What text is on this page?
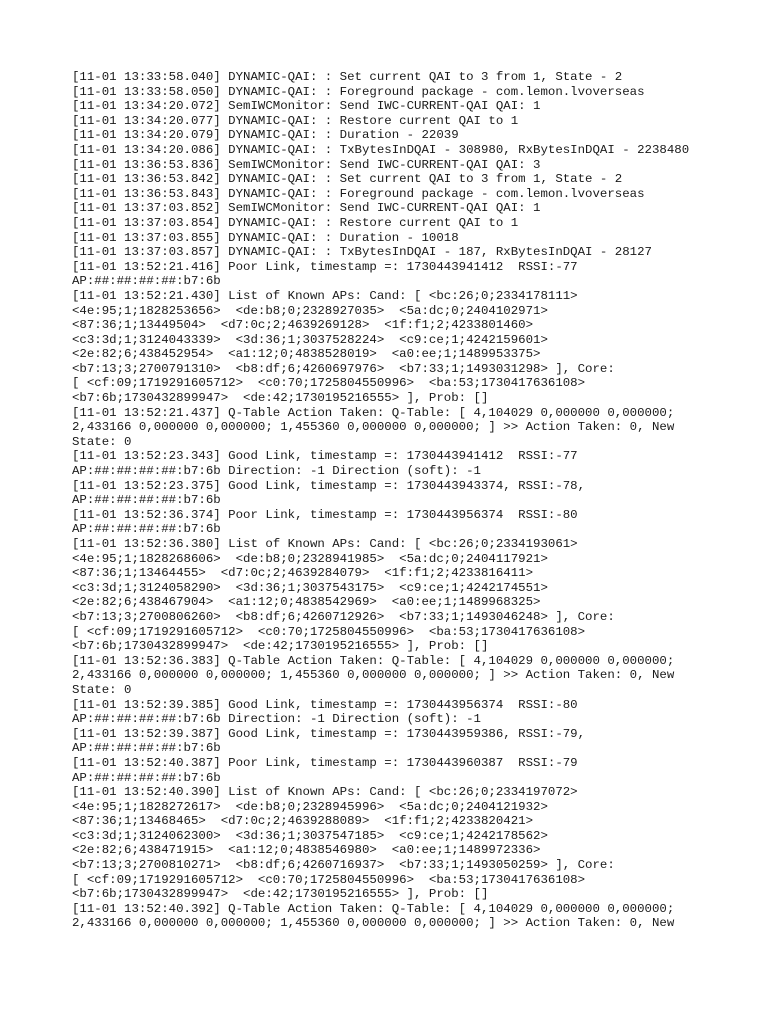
[11-01 13:33:58.040] DYNAMIC-QAI: : Set current QAI to 3 from 1, State - 2
[11-01 13:33:58.050] DYNAMIC-QAI: : Foreground package - com.lemon.lvoverseas
[11-01 13:34:20.072] SemIWCMonitor: Send IWC-CURRENT-QAI QAI: 1
[11-01 13:34:20.077] DYNAMIC-QAI: : Restore current QAI to 1
[11-01 13:34:20.079] DYNAMIC-QAI: : Duration - 22039
[11-01 13:34:20.086] DYNAMIC-QAI: : TxBytesInDQAI - 308980, RxBytesInDQAI - 2238480
[11-01 13:36:53.836] SemIWCMonitor: Send IWC-CURRENT-QAI QAI: 3
[11-01 13:36:53.842] DYNAMIC-QAI: : Set current QAI to 3 from 1, State - 2
[11-01 13:36:53.843] DYNAMIC-QAI: : Foreground package - com.lemon.lvoverseas
[11-01 13:37:03.852] SemIWCMonitor: Send IWC-CURRENT-QAI QAI: 1
[11-01 13:37:03.854] DYNAMIC-QAI: : Restore current QAI to 1
[11-01 13:37:03.855] DYNAMIC-QAI: : Duration - 10018
[11-01 13:37:03.857] DYNAMIC-QAI: : TxBytesInDQAI - 187, RxBytesInDQAI - 28127
[11-01 13:52:21.416] Poor Link, timestamp =: 1730443941412  RSSI:-77
AP:##:##:##:##:b7:6b
[11-01 13:52:21.430] List of Known APs: Cand: [ <bc:26;0;2334178111>
<4e:95;1;1828253656>  <de:b8;0;2328927035>  <5a:dc;0;2404102971>
<87:36;1;13449504>  <d7:0c;2;4639269128>  <1f:f1;2;4233801460>
<c3:3d;1;3124043339>  <3d:36;1;3037528224>  <c9:ce;1;4242159601>
<2e:82;6;438452954>  <a1:12;0;4838528019>  <a0:ee;1;1489953375>
<b7:13;3;2700791310>  <b8:df;6;4260697976>  <b7:33;1;1493031298> ], Core:
[ <cf:09;1719291605712>  <c0:70;1725804550996>  <ba:53;1730417636108>
<b7:6b;1730432899947>  <de:42;1730195216555> ], Prob: []
[11-01 13:52:21.437] Q-Table Action Taken: Q-Table: [ 4,104029 0,000000 0,000000;
2,433166 0,000000 0,000000; 1,455360 0,000000 0,000000; ] >> Action Taken: 0, New
State: 0
[11-01 13:52:23.343] Good Link, timestamp =: 1730443941412  RSSI:-77
AP:##:##:##:##:b7:6b Direction: -1 Direction (soft): -1
[11-01 13:52:23.375] Good Link, timestamp =: 1730443943374, RSSI:-78,
AP:##:##:##:##:b7:6b
[11-01 13:52:36.374] Poor Link, timestamp =: 1730443956374  RSSI:-80
AP:##:##:##:##:b7:6b
[11-01 13:52:36.380] List of Known APs: Cand: [ <bc:26;0;2334193061>
<4e:95;1;1828268606>  <de:b8;0;2328941985>  <5a:dc;0;2404117921>
<87:36;1;13464455>  <d7:0c;2;4639284079>  <1f:f1;2;4233816411>
<c3:3d;1;3124058290>  <3d:36;1;3037543175>  <c9:ce;1;4242174551>
<2e:82;6;438467904>  <a1:12;0;4838542969>  <a0:ee;1;1489968325>
<b7:13;3;2700806260>  <b8:df;6;4260712926>  <b7:33;1;1493046248> ], Core:
[ <cf:09;1719291605712>  <c0:70;1725804550996>  <ba:53;1730417636108>
<b7:6b;1730432899947>  <de:42;1730195216555> ], Prob: []
[11-01 13:52:36.383] Q-Table Action Taken: Q-Table: [ 4,104029 0,000000 0,000000;
2,433166 0,000000 0,000000; 1,455360 0,000000 0,000000; ] >> Action Taken: 0, New
State: 0
[11-01 13:52:39.385] Good Link, timestamp =: 1730443956374  RSSI:-80
AP:##:##:##:##:b7:6b Direction: -1 Direction (soft): -1
[11-01 13:52:39.387] Good Link, timestamp =: 1730443959386, RSSI:-79,
AP:##:##:##:##:b7:6b
[11-01 13:52:40.387] Poor Link, timestamp =: 1730443960387  RSSI:-79
AP:##:##:##:##:b7:6b
[11-01 13:52:40.390] List of Known APs: Cand: [ <bc:26;0;2334197072>
<4e:95;1;1828272617>  <de:b8;0;2328945996>  <5a:dc;0;2404121932>
<87:36;1;13468465>  <d7:0c;2;4639288089>  <1f:f1;2;4233820421>
<c3:3d;1;3124062300>  <3d:36;1;3037547185>  <c9:ce;1;4242178562>
<2e:82;6;438471915>  <a1:12;0;4838546980>  <a0:ee;1;1489972336>
<b7:13;3;2700810271>  <b8:df;6;4260716937>  <b7:33;1;1493050259> ], Core:
[ <cf:09;1719291605712>  <c0:70;1725804550996>  <ba:53;1730417636108>
<b7:6b;1730432899947>  <de:42;1730195216555> ], Prob: []
[11-01 13:52:40.392] Q-Table Action Taken: Q-Table: [ 4,104029 0,000000 0,000000;
2,433166 0,000000 0,000000; 1,455360 0,000000 0,000000; ] >> Action Taken: 0, New
